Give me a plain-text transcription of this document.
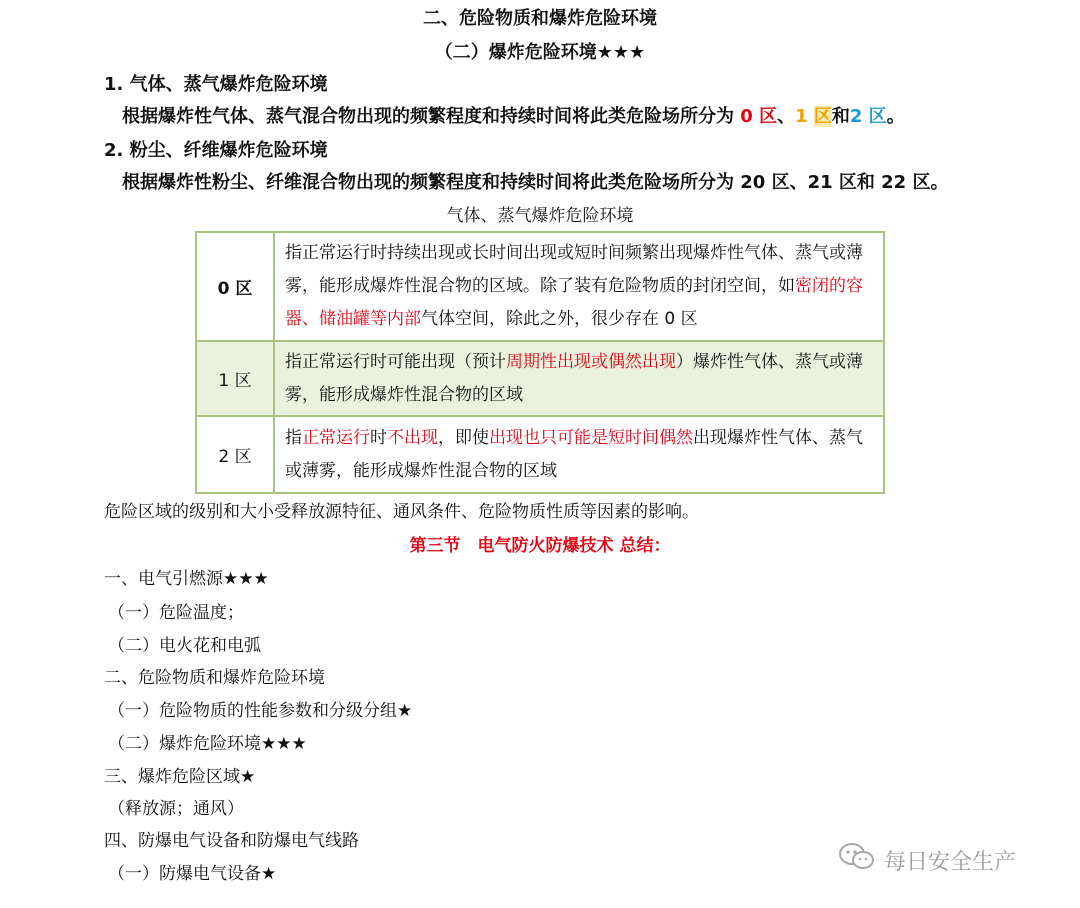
二、危险物质和爆炸危险环境
（二）爆炸危险环境★★★
1. 气体、蒸气爆炸危险环境
根据爆炸性气体、蒸气混合物出现的频繁程度和持续时间将此类危险场所分为 0 区、1 区和2 区。
2. 粉尘、纤维爆炸危险环境
根据爆炸性粉尘、纤维混合物出现的频繁程度和持续时间将此类危险场所分为 20 区、21 区和 22 区。
气体、蒸气爆炸危险环境
0 区	指正常运行时持续出现或长时间出现或短时间频繁出现爆炸性气体、蒸气或薄雾，能形成爆炸性混合物的区域。除了装有危险物质的封闭空间，如密闭的容器、储油罐等内部气体空间，除此之外，很少存在 0 区
1 区	指正常运行时可能出现（预计周期性出现或偶然出现）爆炸性气体、蒸气或薄雾，能形成爆炸性混合物的区域
2 区	指正常运行时不出现，即使出现也只可能是短时间偶然出现爆炸性气体、蒸气或薄雾，能形成爆炸性混合物的区域
危险区域的级别和大小受释放源特征、通风条件、危险物质性质等因素的影响。
第三节　电气防火防爆技术 总结：
一、电气引燃源★★★
（一）危险温度；
（二）电火花和电弧
二、危险物质和爆炸危险环境
（一）危险物质的性能参数和分级分组★
（二）爆炸危险环境★★★
三、爆炸危险区域★
（释放源；通风）
四、防爆电气设备和防爆电气线路
（一）防爆电气设备★	每日安全生产
